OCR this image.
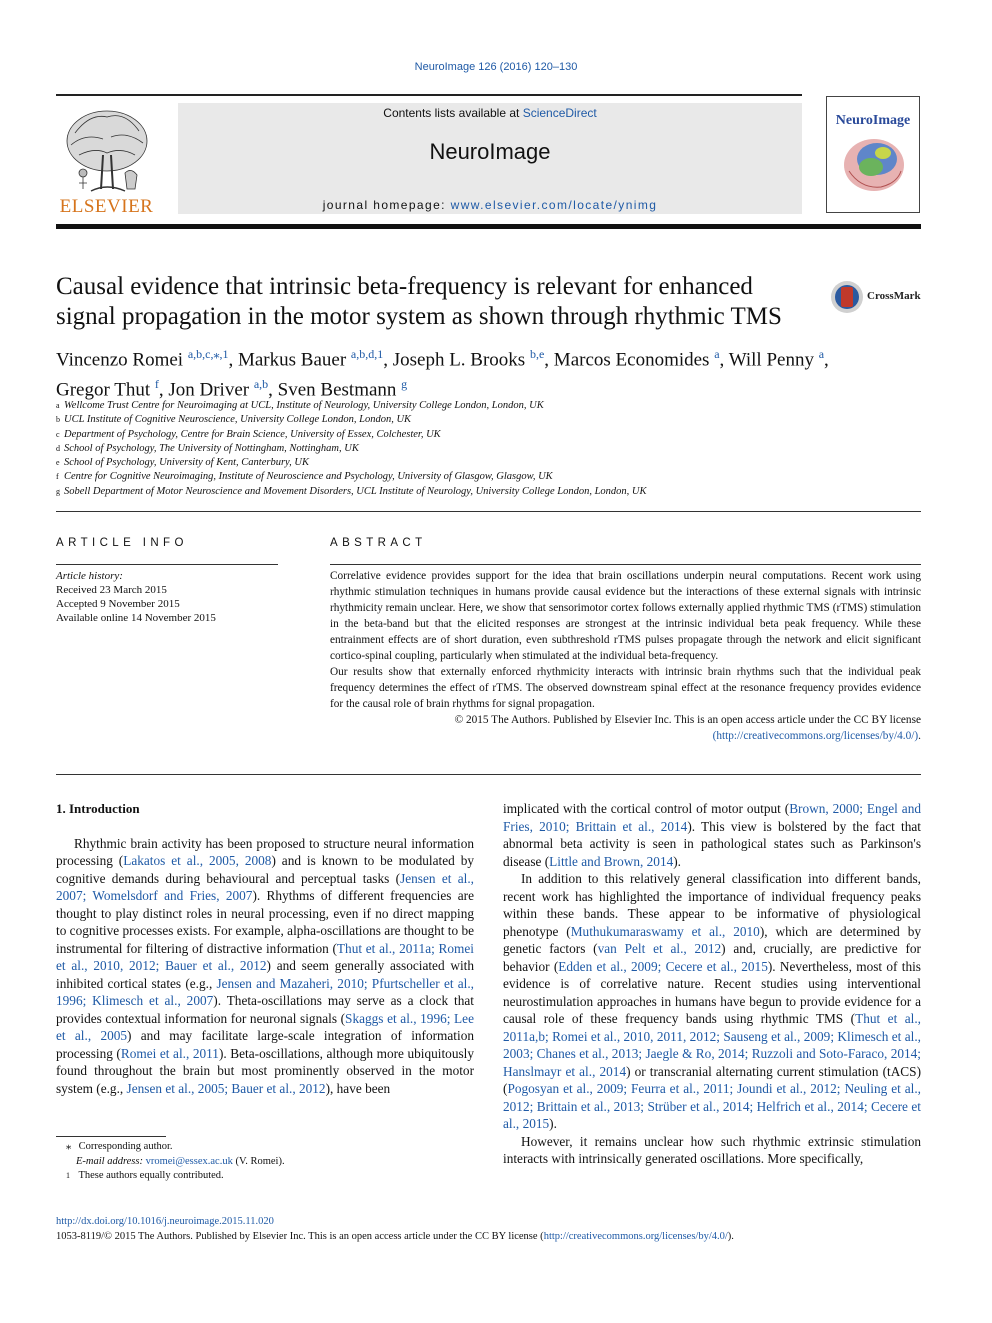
NeuroImage 126 (2016) 120–130
ELSEVIER
Contents lists available at ScienceDirect
NeuroImage
journal homepage: www.elsevier.com/locate/ynimg
NeuroImage
Causal evidence that intrinsic beta-frequency is relevant for enhanced signal propagation in the motor system as shown through rhythmic TMS
CrossMark
Vincenzo Romei $^{a,b,c,⁎,1}$, Markus Bauer $^{a,b,d,1}$, Joseph L. Brooks $^{b,e}$, Marcos Economides $^a$, Will Penny $^a$,
Gregor Thut $^f$, Jon Driver $^{a,b}$, Sven Bestmann $^g$
a Wellcome Trust Centre for Neuroimaging at UCL, Institute of Neurology, University College London, London, UK
b UCL Institute of Cognitive Neuroscience, University College London, London, UK
c Department of Psychology, Centre for Brain Science, University of Essex, Colchester, UK
d School of Psychology, The University of Nottingham, Nottingham, UK
e School of Psychology, University of Kent, Canterbury, UK
f Centre for Cognitive Neuroimaging, Institute of Neuroscience and Psychology, University of Glasgow, Glasgow, UK
g Sobell Department of Motor Neuroscience and Movement Disorders, UCL Institute of Neurology, University College London, London, UK
ARTICLE INFO
Article history:
Received 23 March 2015
Accepted 9 November 2015
Available online 14 November 2015
ABSTRACT

Correlative evidence provides support for the idea that brain oscillations underpin neural computations. Recent work using rhythmic stimulation techniques in humans provide causal evidence but the interactions of these external signals with intrinsic rhythmicity remain unclear. Here, we show that sensorimotor cortex follows externally applied rhythmic TMS (rTMS) stimulation in the beta-band but that the elicited responses are strongest at the intrinsic individual beta peak frequency. While these entrainment effects are of short duration, even subthreshold rTMS pulses propagate through the network and elicit significant cortico-spinal coupling, particularly when stimulated at the individual beta-frequency.

Our results show that externally enforced rhythmicity interacts with intrinsic brain rhythms such that the individual peak frequency determines the effect of rTMS. The observed downstream spinal effect at the resonance frequency provides evidence for the causal role of brain rhythms for signal propagation.

© 2015 The Authors. Published by Elsevier Inc. This is an open access article under the CC BY license
(http://creativecommons.org/licenses/by/4.0/).

1. Introduction

Rhythmic brain activity has been proposed to structure neural information processing (Lakatos et al., 2005, 2008) and is known to be modulated by cognitive demands during behavioural and perceptual tasks (Jensen et al., 2007; Womelsdorf and Fries, 2007). Rhythms of different frequencies are thought to play distinct roles in neural processing, even if no direct mapping to cognitive processes exists. For example, alpha-oscillations are thought to be instrumental for filtering of distractive information (Thut et al., 2011a; Romei et al., 2010, 2012; Bauer et al., 2012) and seem generally associated with inhibited cortical states (e.g., Jensen and Mazaheri, 2010; Pfurtscheller et al., 1996; Klimesch et al., 2007). Theta-oscillations may serve as a clock that provides contextual information for neuronal signals (Skaggs et al., 1996; Lee et al., 2005) and may facilitate large-scale integration of information processing (Romei et al., 2011). Beta-oscillations, although more ubiquitously found throughout the brain but most prominently observed in the motor system (e.g., Jensen et al., 2005; Bauer et al., 2012), have been

implicated with the cortical control of motor output (Brown, 2000; Engel and Fries, 2010; Brittain et al., 2014). This view is bolstered by the fact that abnormal beta activity is seen in pathological states such as Parkinson's disease (Little and Brown, 2014).

In addition to this relatively general classification into different bands, recent work has highlighted the importance of individual frequency peaks within these bands. These appear to be informative of physiological phenotype (Muthukumaraswamy et al., 2010), which are determined by genetic factors (van Pelt et al., 2012) and, crucially, are predictive for behavior (Edden et al., 2009; Cecere et al., 2015). Nevertheless, most of this evidence is of correlative nature. Recent studies using interventional neurostimulation approaches in humans have begun to provide evidence for a causal role of these frequency bands using rhythmic TMS (Thut et al., 2011a,b; Romei et al., 2010, 2011, 2012; Sauseng et al., 2009; Klimesch et al., 2003; Chanes et al., 2013; Jaegle & Ro, 2014; Ruzzoli and Soto-Faraco, 2014; Hanslmayr et al., 2014) or transcranial alternating current stimulation (tACS) (Pogosyan et al., 2009; Feurra et al., 2011; Joundi et al., 2012; Neuling et al., 2012; Brittain et al., 2013; Strüber et al., 2014; Helfrich et al., 2014; Cecere et al., 2015).

However, it remains unclear how such rhythmic extrinsic stimulation interacts with intrinsically generated oscillations. More specifically,

⁎ Corresponding author.
E-mail address: vromei@essex.ac.uk (V. Romei).
1 These authors equally contributed.
http://dx.doi.org/10.1016/j.neuroimage.2015.11.020
1053-8119/© 2015 The Authors. Published by Elsevier Inc. This is an open access article under the CC BY license (http://creativecommons.org/licenses/by/4.0/).
